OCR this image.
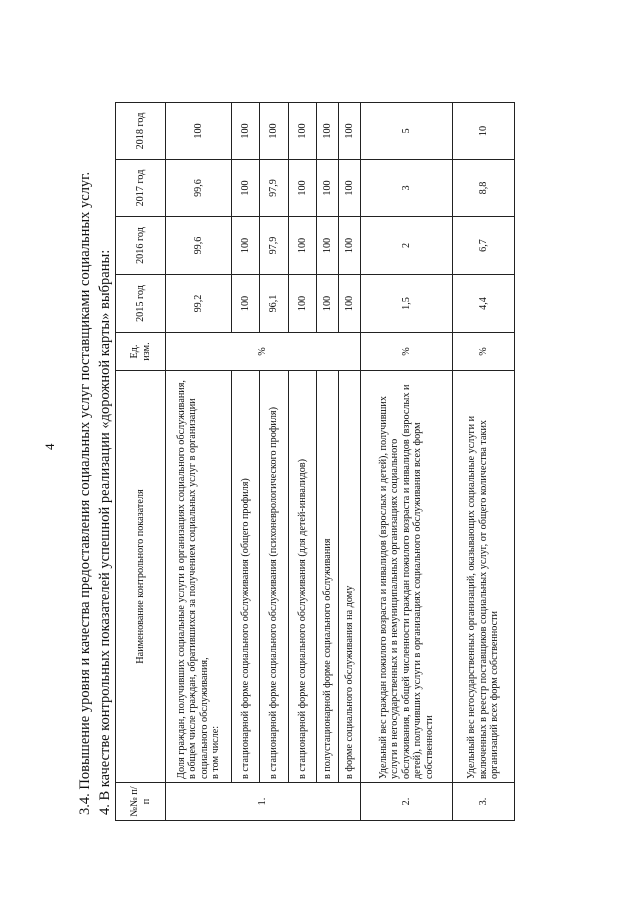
4 3.4. Повышение уровня и качества предоставления социальных услуг поставщиками социальных услуг. 4. В качестве контрольных показателей успешной реализации «дорожной карты» выбраны: №№ п/п	Наименование контрольного показателя	Ед. изм.	2015 год	2016 год	2017 год	2018 год
1.	Доля граждан, получивших социальные услуги в организациях социального обслуживания, в общем числе граждан, обратившихся за получением социальных услуг в организации социального обслуживания,
в том числе:	%	99,2	99,6	99,6	100
	в стационарной форме социального обслуживания (общего профиля)		100	100	100	100
	в стационарной форме социального обслуживания (психоневрологического профиля)		96,1	97,9	97,9	100
	в стационарной форме социального обслуживания (для детей-инвалидов)		100	100	100	100
	в полустационарной форме социального обслуживания		100	100	100	100
	в форме социального обслуживания на дому		100	100	100	100
2.	Удельный вес граждан пожилого возраста и инвалидов (взрослых и детей), получивших услуги в негосударственных и в немуниципальных организациях социального обслуживания, в общей численности граждан пожилого возраста и инвалидов (взрослых и детей), получивших услуги в организациях социального обслуживания всех форм собственности	%	1,5	2	3	5
3.	Удельный вес негосударственных организаций, оказывающих социальные услуги и включенных в реестр поставщиков социальных услуг, от общего количества таких организаций всех форм собственности	%	4,4	6,7	8,8	10
